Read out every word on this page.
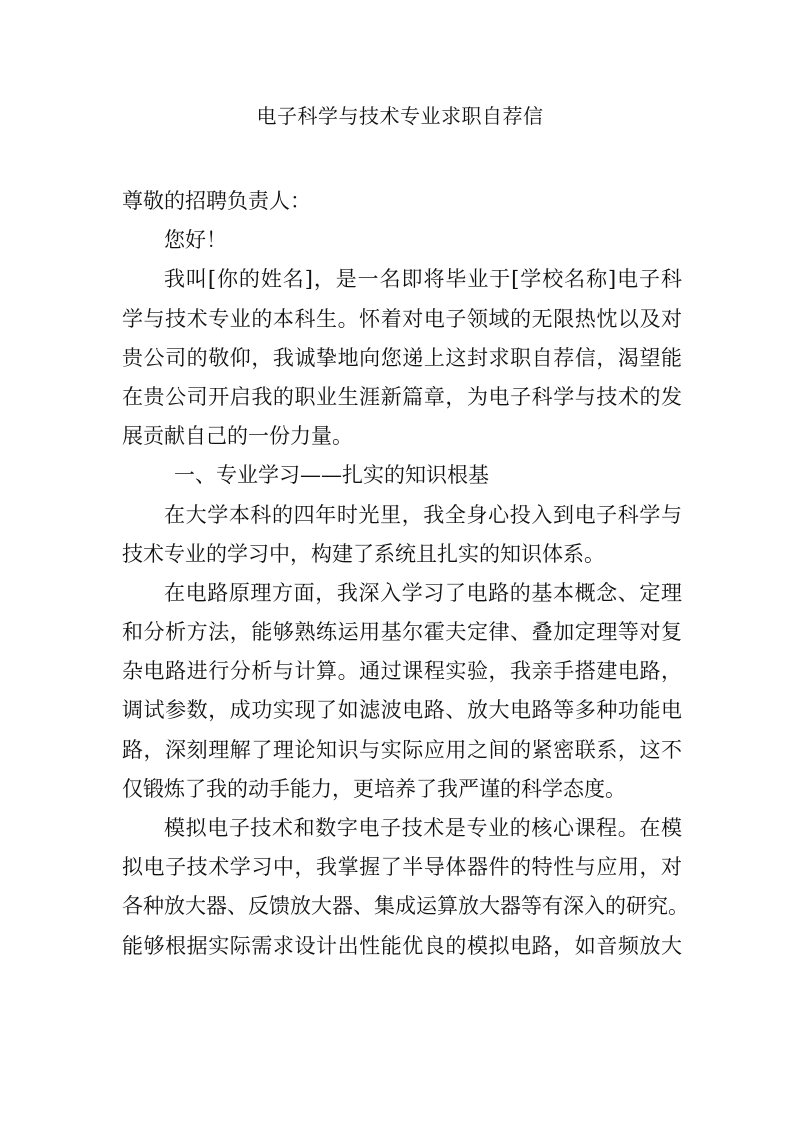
电子科学与技术专业求职自荐信
尊敬的招聘负责人：
您好！
我叫[你的姓名]，是一名即将毕业于[学校名称]电子科
学与技术专业的本科生。怀着对电子领域的无限热忱以及对
贵公司的敬仰，我诚挚地向您递上这封求职自荐信，渴望能
在贵公司开启我的职业生涯新篇章，为电子科学与技术的发
展贡献自己的一份力量。
一、专业学习——扎实的知识根基
在大学本科的四年时光里，我全身心投入到电子科学与
技术专业的学习中，构建了系统且扎实的知识体系。
在电路原理方面，我深入学习了电路的基本概念、定理
和分析方法，能够熟练运用基尔霍夫定律、叠加定理等对复
杂电路进行分析与计算。通过课程实验，我亲手搭建电路，
调试参数，成功实现了如滤波电路、放大电路等多种功能电
路，深刻理解了理论知识与实际应用之间的紧密联系，这不
仅锻炼了我的动手能力，更培养了我严谨的科学态度。
模拟电子技术和数字电子技术是专业的核心课程。在模
拟电子技术学习中，我掌握了半导体器件的特性与应用，对
各种放大器、反馈放大器、集成运算放大器等有深入的研究。
能够根据实际需求设计出性能优良的模拟电路，如音频放大
